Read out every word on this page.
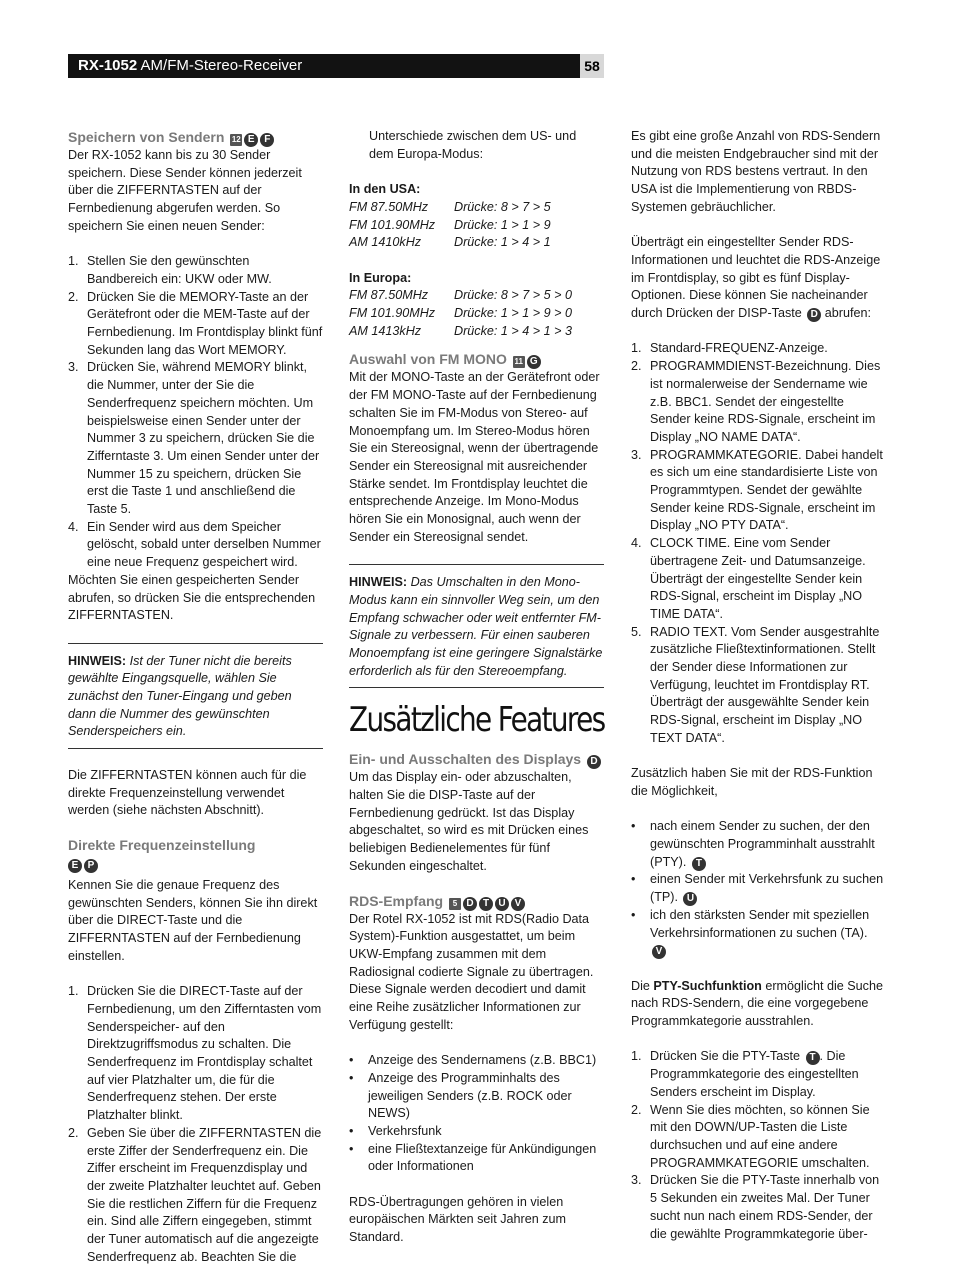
RX-1052 AM/FM-Stereo-Receiver	58
Speichern von Sendern 12 E F

Der RX-1052 kann bis zu 30 Sender speichern. Diese Sender können jederzeit über die ZIFFERNTASTEN auf der Fernbedienung abgerufen werden. So speichern Sie einen neuen Sender:

1. Stellen Sie den gewünschten Bandbereich ein: UKW oder MW.
2. Drücken Sie die MEMORY-Taste an der Gerätefront oder die MEM-Taste auf der Fernbedienung. Im Frontdisplay blinkt fünf Sekunden lang das Wort MEMORY.
3. Drücken Sie, während MEMORY blinkt, die Nummer, unter der Sie die Senderfrequenz speichern möchten. Um beispielsweise einen Sender unter der Nummer 3 zu speichern, drücken Sie die Zifferntaste 3. Um einen Sender unter der Nummer 15 zu speichern, drücken Sie erst die Taste 1 und anschließend die Taste 5.
4. Ein Sender wird aus dem Speicher gelöscht, sobald unter derselben Nummer eine neue Frequenz gespeichert wird.

Möchten Sie einen gespeicherten Sender abrufen, so drücken Sie die entsprechenden ZIFFERNTASTEN.

HINWEIS: Ist der Tuner nicht die bereits gewählte Eingangsquelle, wählen Sie zunächst den Tuner-Eingang und geben dann die Nummer des gewünschten Senderspeichers ein.

Die ZIFFERNTASTEN können auch für die direkte Frequenzeinstellung verwendet werden (siehe nächsten Abschnitt).

Direkte Frequenzeinstellung
E P

Kennen Sie die genaue Frequenz des gewünschten Senders, können Sie ihn direkt über die DIRECT-Taste und die ZIFFERNTASTEN auf der Fernbedienung einstellen.

1. Drücken Sie die DIRECT-Taste auf der Fernbedienung, um den Zifferntasten vom Senderspeicher- auf den Direktzugriffsmodus zu schalten. Die Senderfrequenz im Frontdisplay schaltet auf vier Platzhalter um, die für die Senderfrequenz stehen. Der erste Platzhalter blinkt.
2. Geben Sie über die ZIFFERNTASTEN die erste Ziffer der Senderfrequenz ein. Die Ziffer erscheint im Frequenzdisplay und der zweite Platzhalter leuchtet auf. Geben Sie die restlichen Ziffern für die Frequenz ein. Sind alle Ziffern eingegeben, stimmt der Tuner automatisch auf die angezeigte Senderfrequenz ab. Beachten Sie die

Unterschiede zwischen dem US- und dem Europa-Modus:

In den USA:

FM 87.50MHz	Drücke: 8 > 7 > 5
FM 101.90MHz	Drücke: 1 > 1 > 9
AM 1410kHz	Drücke: 1 > 4 > 1

In Europa:

FM 87.50MHz	Drücke: 8 > 7 > 5 > 0
FM 101.90MHz	Drücke: 1 > 1 > 9 > 0
AM 1413kHz	Drücke: 1 > 4 > 1 > 3
Auswahl von FM MONO 11 G

Mit der MONO-Taste an der Gerätefront oder der FM MONO-Taste auf der Fernbedienung schalten Sie im FM-Modus von Stereo- auf Monoempfang um. Im Stereo-Modus hören Sie ein Stereosignal, wenn der übertragende Sender ein Stereosignal mit ausreichender Stärke sendet. Im Frontdisplay leuchtet die entsprechende Anzeige. Im Mono-Modus hören Sie ein Monosignal, auch wenn der Sender ein Stereosignal sendet.

HINWEIS: Das Umschalten in den Mono-Modus kann ein sinnvoller Weg sein, um den Empfang schwacher oder weit entfernter FM-Signale zu verbessern. Für einen sauberen Monoempfang ist eine geringere Signalstärke erforderlich als für den Stereoempfang.
Zusätzliche Features
Ein- und Ausschalten des Displays D

Um das Display ein- oder abzuschalten, halten Sie die DISP-Taste auf der Fernbedienung gedrückt. Ist das Display abgeschaltet, so wird es mit Drücken eines beliebigen Bedienelementes für fünf Sekunden eingeschaltet.

RDS-Empfang 5 D T U V

Der Rotel RX-1052 ist mit RDS(Radio Data System)-Funktion ausgestattet, um beim UKW-Empfang zusammen mit dem Radiosignal codierte Signale zu übertragen. Diese Signale werden decodiert und damit eine Reihe zusätzlicher Informationen zur Verfügung gestellt:

• Anzeige des Sendernamens (z.B. BBC1)
• Anzeige des Programminhalts des jeweiligen Senders (z.B. ROCK oder NEWS)
• Verkehrsfunk
• eine Fließtextanzeige für Ankündigungen oder Informationen

RDS-Übertragungen gehören in vielen europäischen Märkten seit Jahren zum Standard.

Es gibt eine große Anzahl von RDS-Sendern und die meisten Endgebraucher sind mit der Nutzung von RDS bestens vertraut. In den USA ist die Implementierung von RBDS-Systemen gebräuchlicher.

Überträgt ein eingestellter Sender RDS-Informationen und leuchtet die RDS-Anzeige im Frontdisplay, so gibt es fünf Display-Optionen. Diese können Sie nacheinander durch Drücken der DISP-Taste D abrufen:

1. Standard-FREQUENZ-Anzeige.
2. PROGRAMMDIENST-Bezeichnung. Dies ist normalerweise der Sendername wie z.B. BBC1. Sendet der eingestellte Sender keine RDS-Signale, erscheint im Display „NO NAME DATA“.
3. PROGRAMMKATEGORIE. Dabei handelt es sich um eine standardisierte Liste von Programmtypen. Sendet der gewählte Sender keine RDS-Signale, erscheint im Display „NO PTY DATA“.
4. CLOCK TIME. Eine vom Sender übertragene Zeit- und Datumsanzeige. Überträgt der eingestellte Sender kein RDS-Signal, erscheint im Display „NO TIME DATA“.
5. RADIO TEXT. Vom Sender ausgestrahlte zusätzliche Fließtextinformationen. Stellt der Sender diese Informationen zur Verfügung, leuchtet im Frontdisplay RT. Überträgt der ausgewählte Sender kein RDS-Signal, erscheint im Display „NO TEXT DATA“.

Zusätzlich haben Sie mit der RDS-Funktion die Möglichkeit,

• nach einem Sender zu suchen, der den gewünschten Programminhalt ausstrahlt (PTY). T
• einen Sender mit Verkehrsfunk zu suchen (TP). U
• ich den stärksten Sender mit speziellen Verkehrsinformationen zu suchen (TA). V

Die PTY-Suchfunktion ermöglicht die Suche nach RDS-Sendern, die eine vorgegebene Programmkategorie ausstrahlen.

1. Drücken Sie die PTY-Taste T . Die Programmkategorie des eingestellten Senders erscheint im Display.
2. Wenn Sie dies möchten, so können Sie mit den DOWN/UP-Tasten die Liste durchsuchen und auf eine andere PROGRAMMKATEGORIE umschalten.
3. Drücken Sie die PTY-Taste innerhalb von 5 Sekunden ein zweites Mal. Der Tuner sucht nun nach einem RDS-Sender, der die gewählte Programmkategorie über-
